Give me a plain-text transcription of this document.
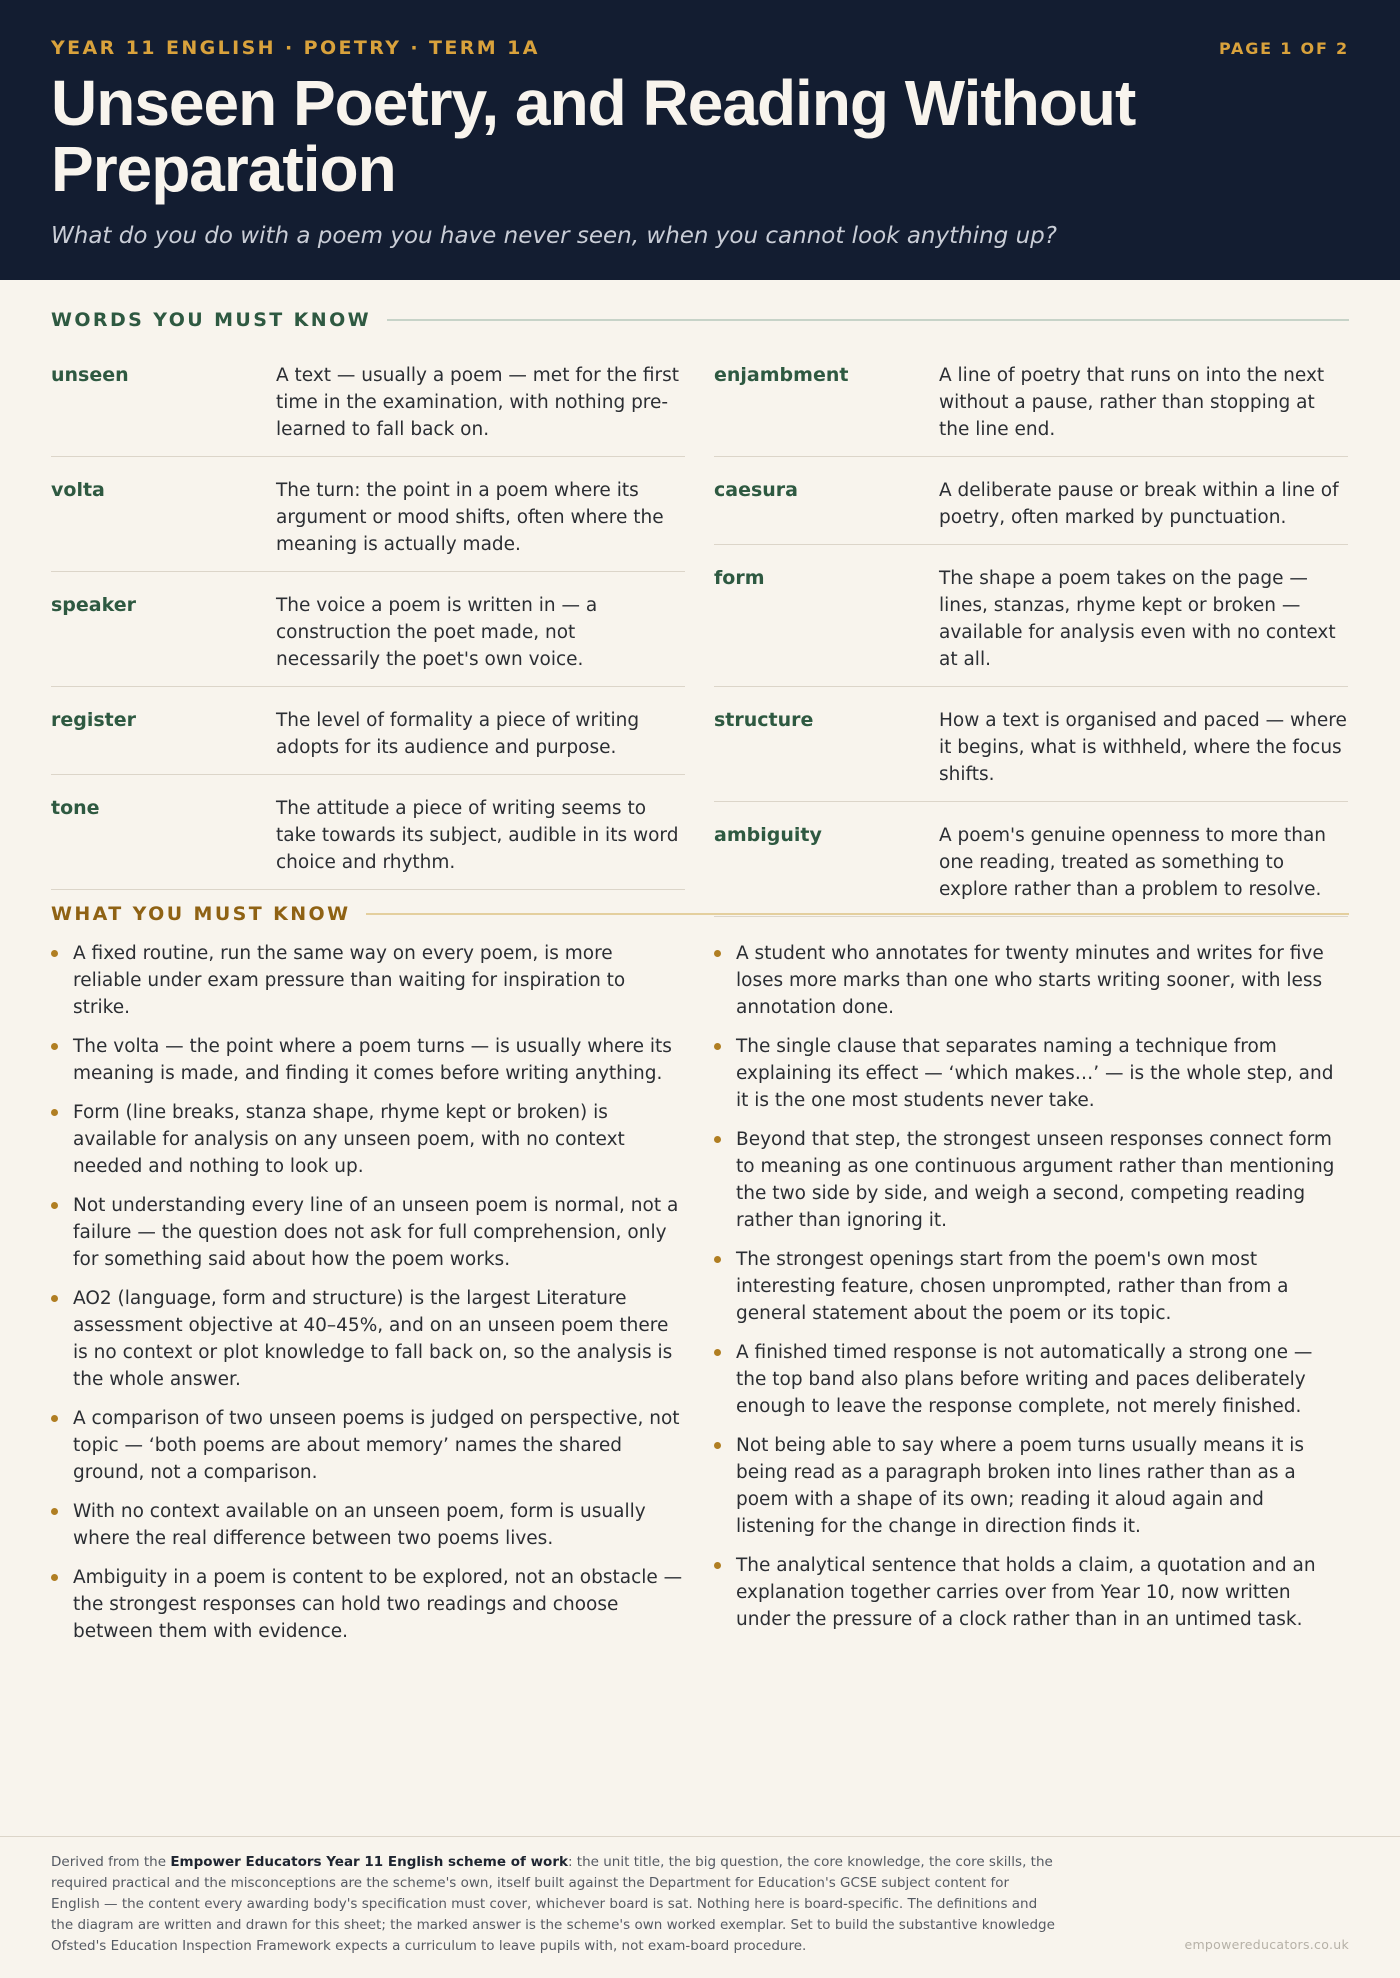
YEAR 11 ENGLISH · POETRY · TERM 1A	PAGE 1 OF 2
Unseen Poetry, and Reading Without Preparation
What do you do with a poem you have never seen, when you cannot look anything up?
WORDS YOU MUST KNOW
unseen	A text — usually a poem — met for the first time in the examination, with nothing pre-learned to fall back on.
volta	The turn: the point in a poem where its argument or mood shifts, often where the meaning is actually made.
speaker	The voice a poem is written in — a construction the poet made, not necessarily the poet's own voice.
register	The level of formality a piece of writing adopts for its audience and purpose.
tone	The attitude a piece of writing seems to take towards its subject, audible in its word choice and rhythm.
enjambment	A line of poetry that runs on into the next without a pause, rather than stopping at the line end.
caesura	A deliberate pause or break within a line of poetry, often marked by punctuation.
form	The shape a poem takes on the page — lines, stanzas, rhyme kept or broken — available for analysis even with no context at all.
structure	How a text is organised and paced — where it begins, what is withheld, where the focus shifts.
ambiguity	A poem's genuine openness to more than one reading, treated as something to explore rather than a problem to resolve.
WHAT YOU MUST KNOW
A fixed routine, run the same way on every poem, is more reliable under exam pressure than waiting for inspiration to strike.
The volta — the point where a poem turns — is usually where its meaning is made, and finding it comes before writing anything.
Form (line breaks, stanza shape, rhyme kept or broken) is available for analysis on any unseen poem, with no context needed and nothing to look up.
Not understanding every line of an unseen poem is normal, not a failure — the question does not ask for full comprehension, only for something said about how the poem works.
AO2 (language, form and structure) is the largest Literature assessment objective at 40–45%, and on an unseen poem there is no context or plot knowledge to fall back on, so the analysis is the whole answer.
A comparison of two unseen poems is judged on perspective, not topic — ‘both poems are about memory’ names the shared ground, not a comparison.
With no context available on an unseen poem, form is usually where the real difference between two poems lives.
Ambiguity in a poem is content to be explored, not an obstacle — the strongest responses can hold two readings and choose between them with evidence.
A student who annotates for twenty minutes and writes for five loses more marks than one who starts writing sooner, with less annotation done.
The single clause that separates naming a technique from explaining its effect — ‘which makes…’ — is the whole step, and it is the one most students never take.
Beyond that step, the strongest unseen responses connect form to meaning as one continuous argument rather than mentioning the two side by side, and weigh a second, competing reading rather than ignoring it.
The strongest openings start from the poem's own most interesting feature, chosen unprompted, rather than from a general statement about the poem or its topic.
A finished timed response is not automatically a strong one — the top band also plans before writing and paces deliberately enough to leave the response complete, not merely finished.
Not being able to say where a poem turns usually means it is being read as a paragraph broken into lines rather than as a poem with a shape of its own; reading it aloud again and listening for the change in direction finds it.
The analytical sentence that holds a claim, a quotation and an explanation together carries over from Year 10, now written under the pressure of a clock rather than in an untimed task.

Derived from the Empower Educators Year 11 English scheme of work: the unit title, the big question, the core knowledge, the core skills, the required practical and the misconceptions are the scheme's own, itself built against the Department for Education's GCSE subject content for English — the content every awarding body's specification must cover, whichever board is sat. Nothing here is board-specific. The definitions and the diagram are written and drawn for this sheet; the marked answer is the scheme's own worked exemplar. Set to build the substantive knowledge Ofsted's Education Inspection Framework expects a curriculum to leave pupils with, not exam-board procedure.	empowereducators.co.uk
